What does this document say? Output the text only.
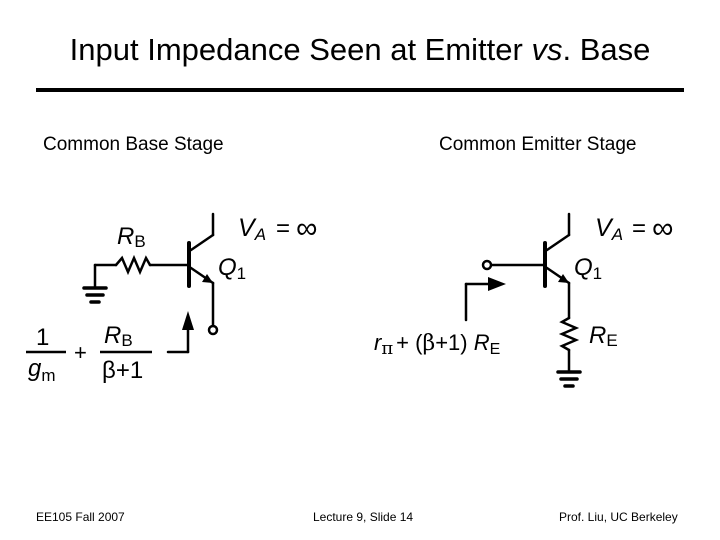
Input Impedance Seen at Emitter vs. Base
Common Base Stage	Common Emitter Stage
VA = ∞
RB
Q1
1
$g_m$
+
RB
β+1
VA = ∞
Q1
RE
rπ + (β+1) RE
EE105 Fall 2007	Lecture 9, Slide 14	Prof. Liu, UC Berkeley
